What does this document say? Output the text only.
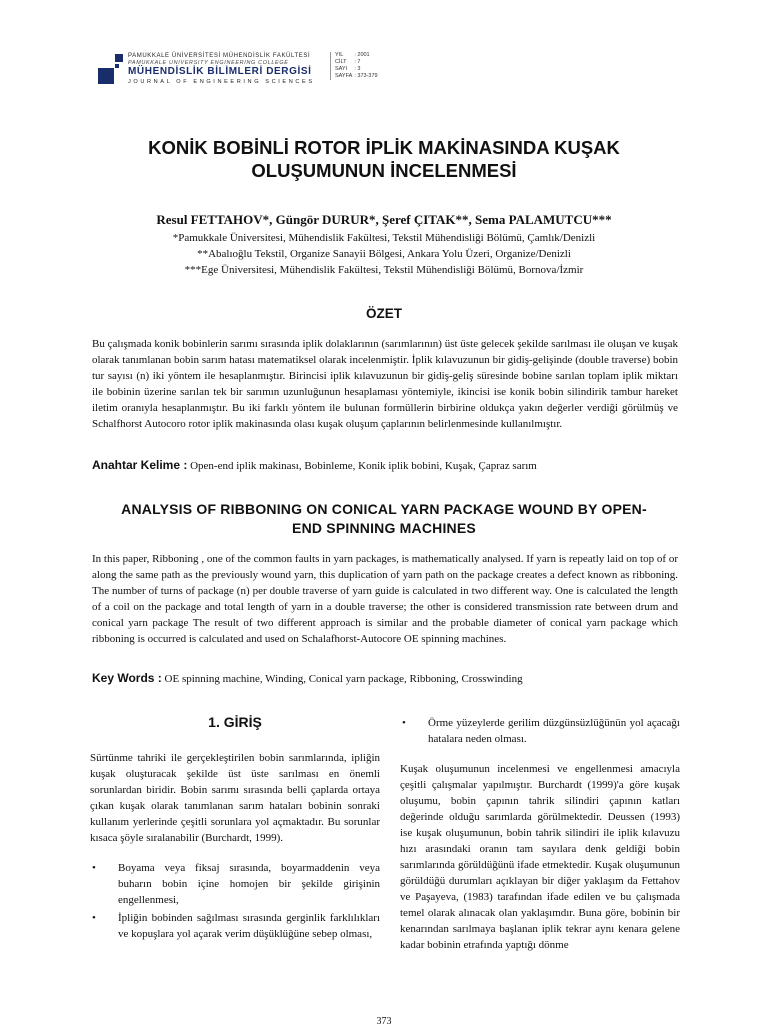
PAMUKKALE ÜNİVERSİTESİ MÜHENDİSLİK FAKÜLTESİ
PAMUKKALE UNIVERSITY ENGINEERING COLLEGE
MÜHENDİSLİK BİLİMLERİ DERGİSİ
JOURNAL OF ENGINEERING SCIENCES
YIL	: 2001
CİLT	: 7
SAYI	: 3
SAYFA	: 373-379
KONİK BOBİNLİ ROTOR İPLİK MAKİNASINDA KUŞAK
OLUŞUMUNUN İNCELENMESİ
Resul FETTAHOV*, Güngör DURUR*, Şeref ÇITAK**, Sema PALAMUTCU***
*Pamukkale Üniversitesi, Mühendislik Fakültesi, Tekstil Mühendisliği Bölümü, Çamlık/Denizli
**Abalıoğlu Tekstil, Organize Sanayii Bölgesi, Ankara Yolu Üzeri, Organize/Denizli
***Ege Üniversitesi, Mühendislik Fakültesi, Tekstil Mühendisliği Bölümü, Bornova/İzmir
ÖZET
Bu çalışmada konik bobinlerin sarımı sırasında iplik dolaklarının (sarımlarının) üst üste gelecek şekilde sarılması ile oluşan ve kuşak olarak tanımlanan bobin sarım hatası matematiksel olarak incelenmiştir. İplik kılavuzunun bir gidiş-gelişinde (double traverse) bobin tur sayısı (n) iki yöntem ile hesaplanmıştır. Birincisi iplik kılavuzunun bir gidiş-geliş süresinde bobine sarılan toplam iplik miktarı ile bobinin üzerine sarılan tek bir sarımın uzunluğunun hesaplaması yöntemiyle, ikincisi ise konik bobin silindirik tambur hareket iletim oranıyla hesaplanmıştır. Bu iki farklı yöntem ile bulunan formüllerin birbirine oldukça yakın değerler verdiği görülmüş ve Schalfhorst Autocoro rotor iplik makinasında olası kuşak oluşum çaplarının belirlenmesinde kullanılmıştır.
Anahtar Kelime : Open-end iplik makinası, Bobinleme, Konik iplik bobini, Kuşak, Çapraz sarım
ANALYSIS OF RIBBONING ON CONICAL YARN PACKAGE WOUND BY OPEN-
END SPINNING MACHINES
In this paper, Ribboning , one of the common faults in yarn packages, is mathematically analysed. If yarn is repeatly laid on top of or along the same path as the previously wound yarn, this duplication of yarn path on the package creates a defect known as ribboning. The number of turns of package (n) per double traverse of yarn guide is calculated in two different way. One is calculated the length of a coil on the package and total length of yarn in a double traverse; the other is considered transmission rate between drum and conical yarn package The result of two different approach is similar and the probable diameter of conical yarn package which ribboning is occurred is calculated and used on Schalafhorst-Autocore OE spinning machines.
Key Words : OE spinning machine, Winding, Conical yarn package, Ribboning, Crosswinding
1. GİRİŞ

Sürtünme tahriki ile gerçekleştirilen bobin sarımlarında, ipliğin kuşak oluşturacak şekilde üst üste sarılması en önemli sorunlardan biridir. Bobin sarımı sırasında belli çaplarda ortaya çıkan kuşak olarak tanımlanan sarım hataları bobinin sonraki kullanım yerlerinde çeşitli sorunlara yol açmaktadır. Bu sorunlar kısaca şöyle sıralanabilir (Burchardt, 1999).

• Boyama veya fiksaj sırasında, boyarmaddenin veya buharın bobin içine homojen bir şekilde girişinin engellenmesi,
• İpliğin bobinden sağılması sırasında gerginlik farklılıkları ve kopuşlara yol açarak verim düşüklüğüne sebep olması,
• Örme yüzeylerde gerilim düzgünsüzlüğünün yol açacağı hatalara neden olması.

Kuşak oluşumunun incelenmesi ve engellenmesi amacıyla çeşitli çalışmalar yapılmıştır. Burchardt (1999)'a göre kuşak oluşumu, bobin çapının tahrik silindiri çapının katları değerinde olduğu sarımlarda görülmektedir. Deussen (1993) ise kuşak oluşumunun, bobin tahrik silindiri ile iplik kılavuzu hızı arasındaki oranın tam sayılara denk geldiği bobin sarımlarında görüldüğünü ifade etmektedir. Kuşak oluşumunun görüldüğü durumları açıklayan bir diğer yaklaşım da Fettahov ve Paşayeva, (1983) tarafından ifade edilen ve bu çalışmada temel olarak alınacak olan yaklaşımdır. Buna göre, bobinin bir kenarından sarılmaya başlanan iplik tekrar aynı kenara gelene kadar bobinin etrafında yaptığı dönme

373
